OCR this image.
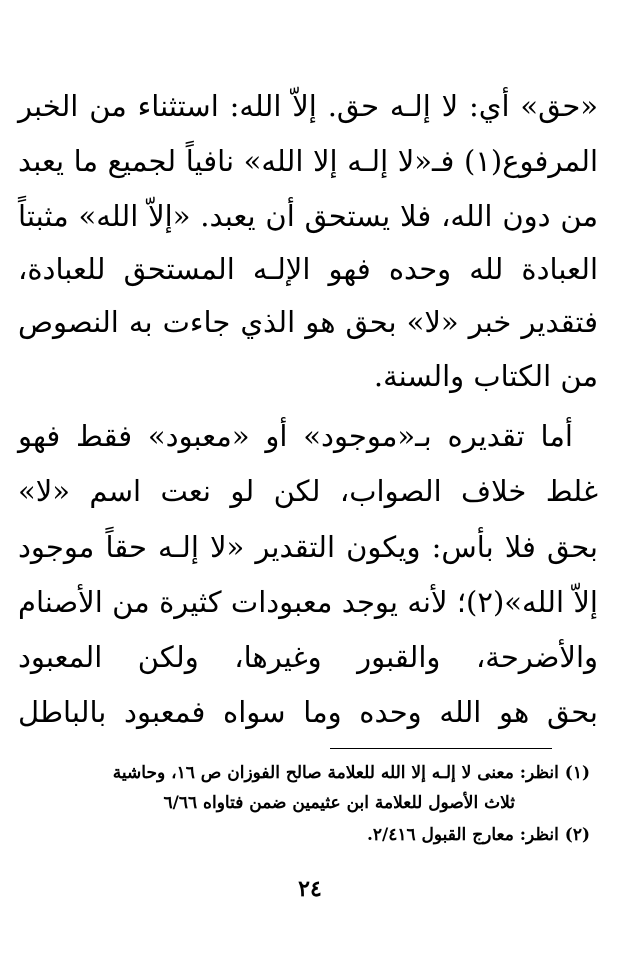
«حق» أي: لا إلـه حق. إلاّ الله: استثناء من الخبر
المرفوع(١) فـ«لا إلـه إلا الله» نافياً لجميع ما يعبد
من دون الله، فلا يستحق أن يعبد. «إلاّ الله» مثبتاً
العبادة لله وحده فهو الإلـه المستحق للعبادة،
فتقدير خبر «لا» بحق هو الذي جاءت به النصوص
من الكتاب والسنة.
أما تقديره بـ«موجود» أو «معبود» فقط فهو
غلط خلاف الصواب، لكن لو نعت اسم «لا»
بحق فلا بأس: ويكون التقدير «لا إلـه حقاً موجود
إلاّ الله»(٢)؛ لأنه يوجد معبودات كثيرة من الأصنام
والأضرحة، والقبور وغيرها، ولكن المعبود
بحق هو الله وحده وما سواه فمعبود بالباطل
(١) انظر: معنى لا إلـه إلا الله للعلامة صالح الفوزان ص ١٦، وحاشية
ثلاث الأصول للعلامة ابن عثيمين ضمن فتاواه ٦/٦٦
(٢) انظر: معارج القبول ٢/٤١٦.
٢٤
